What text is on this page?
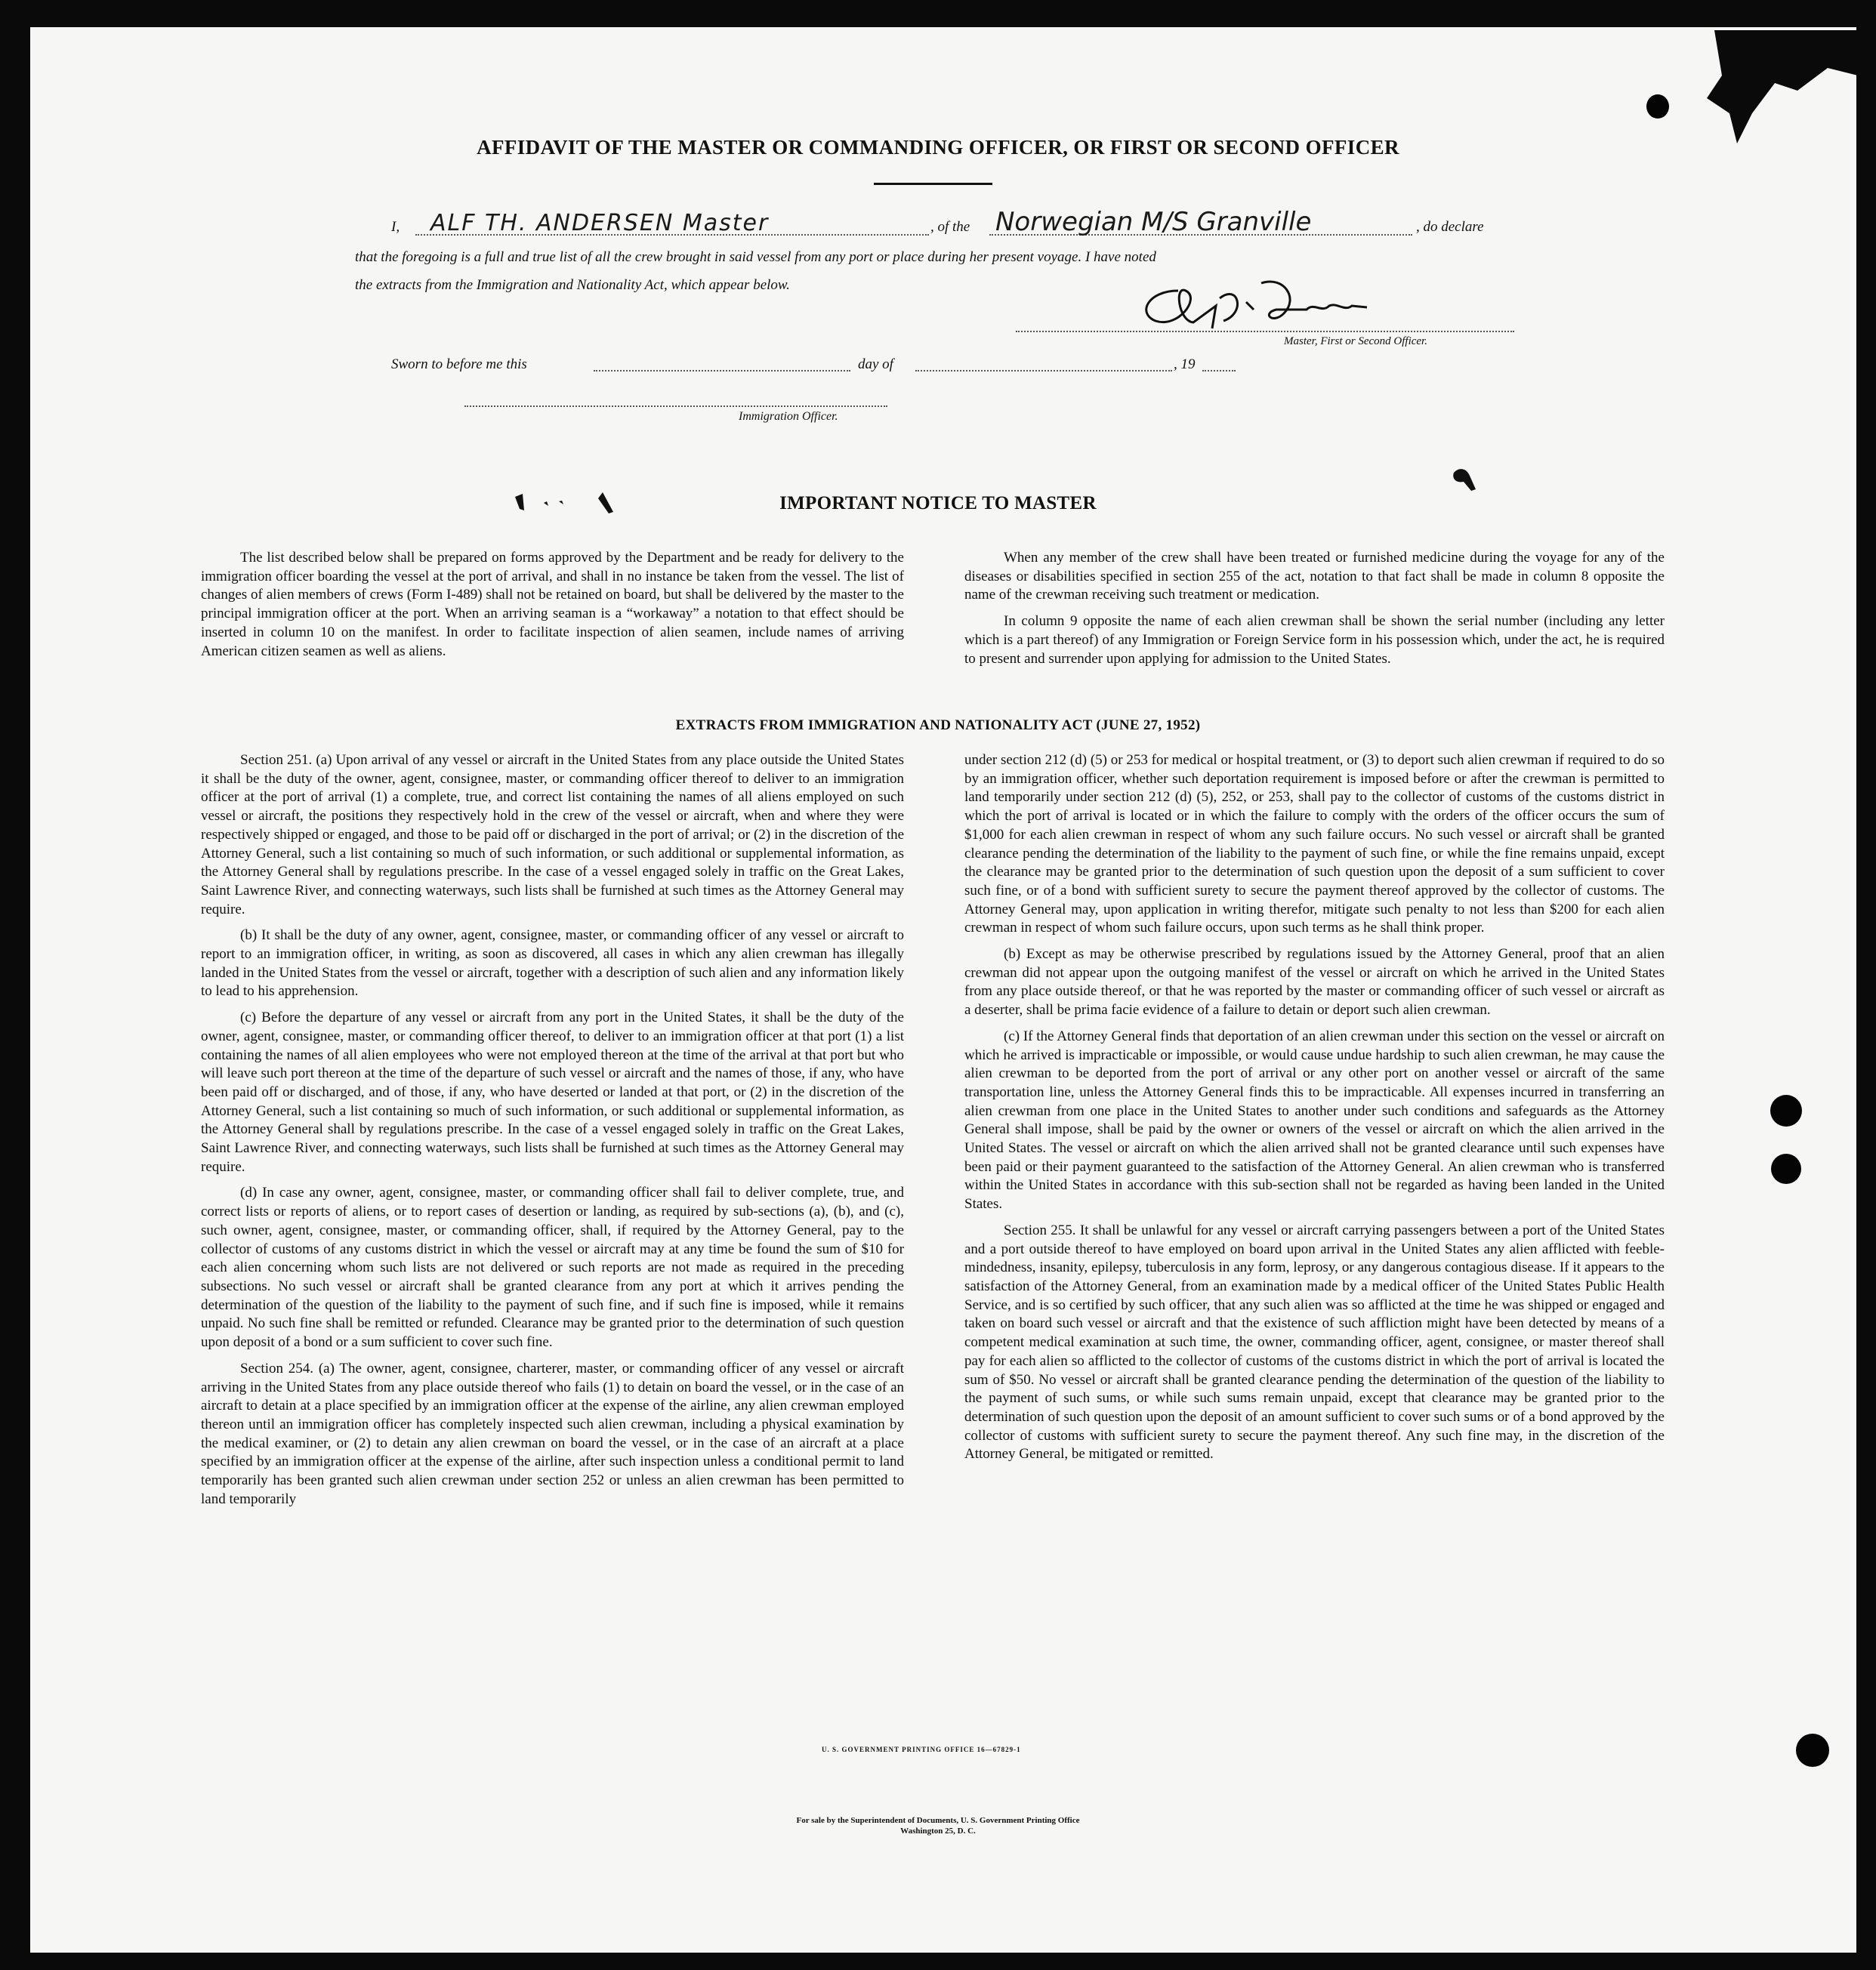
AFFIDAVIT OF THE MASTER OR COMMANDING OFFICER, OR FIRST OR SECOND OFFICER
I, ALF TH. ANDERSEN Master	, of the Norwegian M/S Granville	, do declare
that the foregoing is a full and true list of all the crew brought in said vessel from any port or place during her present voyage. I have noted
the extracts from the Immigration and Nationality Act, which appear below.
Master, First or Second Officer.
Sworn to before me this	day of	, 19
Immigration Officer.
IMPORTANT NOTICE TO MASTER

The list described below shall be prepared on forms approved by the Department and be ready for delivery to the immigration officer boarding the vessel at the port of arrival, and shall in no instance be taken from the vessel. The list of changes of alien members of crews (Form I-489) shall not be retained on board, but shall be delivered by the master to the principal immigration officer at the port. When an arriving seaman is a “workaway” a notation to that effect should be inserted in column 10 on the manifest. In order to facilitate inspection of alien seamen, include names of arriving American citizen seamen as well as aliens.

When any member of the crew shall have been treated or furnished medicine during the voyage for any of the diseases or disabilities specified in section 255 of the act, notation to that fact shall be made in column 8 opposite the name of the crewman receiving such treatment or medication.

In column 9 opposite the name of each alien crewman shall be shown the serial number (including any letter which is a part thereof) of any Immigration or Foreign Service form in his possession which, under the act, he is required to present and surrender upon applying for admission to the United States.

EXTRACTS FROM IMMIGRATION AND NATIONALITY ACT (JUNE 27, 1952)

Section 251. (a) Upon arrival of any vessel or aircraft in the United States from any place outside the United States it shall be the duty of the owner, agent, consignee, master, or commanding officer thereof to deliver to an immigration officer at the port of arrival (1) a complete, true, and correct list containing the names of all aliens employed on such vessel or aircraft, the positions they respectively hold in the crew of the vessel or aircraft, when and where they were respectively shipped or engaged, and those to be paid off or discharged in the port of arrival; or (2) in the discretion of the Attorney General, such a list containing so much of such information, or such additional or supplemental information, as the Attorney General shall by regulations prescribe. In the case of a vessel engaged solely in traffic on the Great Lakes, Saint Lawrence River, and connecting waterways, such lists shall be furnished at such times as the Attorney General may require.

(b) It shall be the duty of any owner, agent, consignee, master, or commanding officer of any vessel or aircraft to report to an immigration officer, in writing, as soon as discovered, all cases in which any alien crewman has illegally landed in the United States from the vessel or aircraft, together with a description of such alien and any information likely to lead to his apprehension.

(c) Before the departure of any vessel or aircraft from any port in the United States, it shall be the duty of the owner, agent, consignee, master, or commanding officer thereof, to deliver to an immigration officer at that port (1) a list containing the names of all alien employees who were not employed thereon at the time of the arrival at that port but who will leave such port thereon at the time of the departure of such vessel or aircraft and the names of those, if any, who have been paid off or discharged, and of those, if any, who have deserted or landed at that port, or (2) in the discretion of the Attorney General, such a list containing so much of such information, or such additional or supplemental information, as the Attorney General shall by regulations prescribe. In the case of a vessel engaged solely in traffic on the Great Lakes, Saint Lawrence River, and connecting waterways, such lists shall be furnished at such times as the Attorney General may require.

(d) In case any owner, agent, consignee, master, or commanding officer shall fail to deliver complete, true, and correct lists or reports of aliens, or to report cases of desertion or landing, as required by sub-sections (a), (b), and (c), such owner, agent, consignee, master, or commanding officer, shall, if required by the Attorney General, pay to the collector of customs of any customs district in which the vessel or aircraft may at any time be found the sum of $10 for each alien concerning whom such lists are not delivered or such reports are not made as required in the preceding subsections. No such vessel or aircraft shall be granted clearance from any port at which it arrives pending the determination of the question of the liability to the payment of such fine, and if such fine is imposed, while it remains unpaid. No such fine shall be remitted or refunded. Clearance may be granted prior to the determination of such question upon deposit of a bond or a sum sufficient to cover such fine.

Section 254. (a) The owner, agent, consignee, charterer, master, or commanding officer of any vessel or aircraft arriving in the United States from any place outside thereof who fails (1) to detain on board the vessel, or in the case of an aircraft to detain at a place specified by an immigration officer at the expense of the airline, any alien crewman employed thereon until an immigration officer has completely inspected such alien crewman, including a physical examination by the medical examiner, or (2) to detain any alien crewman on board the vessel, or in the case of an aircraft at a place specified by an immigration officer at the expense of the airline, after such inspection unless a conditional permit to land temporarily has been granted such alien crewman under section 252 or unless an alien crewman has been permitted to land temporarily

under section 212 (d) (5) or 253 for medical or hospital treatment, or (3) to deport such alien crewman if required to do so by an immigration officer, whether such deportation requirement is imposed before or after the crewman is permitted to land temporarily under section 212 (d) (5), 252, or 253, shall pay to the collector of customs of the customs district in which the port of arrival is located or in which the failure to comply with the orders of the officer occurs the sum of $1,000 for each alien crewman in respect of whom any such failure occurs. No such vessel or aircraft shall be granted clearance pending the determination of the liability to the payment of such fine, or while the fine remains unpaid, except the clearance may be granted prior to the determination of such question upon the deposit of a sum sufficient to cover such fine, or of a bond with sufficient surety to secure the payment thereof approved by the collector of customs. The Attorney General may, upon application in writing therefor, mitigate such penalty to not less than $200 for each alien crewman in respect of whom such failure occurs, upon such terms as he shall think proper.

(b) Except as may be otherwise prescribed by regulations issued by the Attorney General, proof that an alien crewman did not appear upon the outgoing manifest of the vessel or aircraft on which he arrived in the United States from any place outside thereof, or that he was reported by the master or commanding officer of such vessel or aircraft as a deserter, shall be prima facie evidence of a failure to detain or deport such alien crewman.

(c) If the Attorney General finds that deportation of an alien crewman under this section on the vessel or aircraft on which he arrived is impracticable or impossible, or would cause undue hardship to such alien crewman, he may cause the alien crewman to be deported from the port of arrival or any other port on another vessel or aircraft of the same transportation line, unless the Attorney General finds this to be impracticable. All expenses incurred in transferring an alien crewman from one place in the United States to another under such conditions and safeguards as the Attorney General shall impose, shall be paid by the owner or owners of the vessel or aircraft on which the alien arrived in the United States. The vessel or aircraft on which the alien arrived shall not be granted clearance until such expenses have been paid or their payment guaranteed to the satisfaction of the Attorney General. An alien crewman who is transferred within the United States in accordance with this sub-section shall not be regarded as having been landed in the United States.

Section 255. It shall be unlawful for any vessel or aircraft carrying passengers between a port of the United States and a port outside thereof to have employed on board upon arrival in the United States any alien afflicted with feeble-mindedness, insanity, epilepsy, tuberculosis in any form, leprosy, or any dangerous contagious disease. If it appears to the satisfaction of the Attorney General, from an examination made by a medical officer of the United States Public Health Service, and is so certified by such officer, that any such alien was so afflicted at the time he was shipped or engaged and taken on board such vessel or aircraft and that the existence of such affliction might have been detected by means of a competent medical examination at such time, the owner, commanding officer, agent, consignee, or master thereof shall pay for each alien so afflicted to the collector of customs of the customs district in which the port of arrival is located the sum of $50. No vessel or aircraft shall be granted clearance pending the determination of the question of the liability to the payment of such sums, or while such sums remain unpaid, except that clearance may be granted prior to the determination of such question upon the deposit of an amount sufficient to cover such sums or of a bond approved by the collector of customs with sufficient surety to secure the payment thereof. Any such fine may, in the discretion of the Attorney General, be mitigated or remitted.

U. S. GOVERNMENT PRINTING OFFICE 16—67829-1
For sale by the Superintendent of Documents, U. S. Government Printing Office
Washington 25, D. C.
